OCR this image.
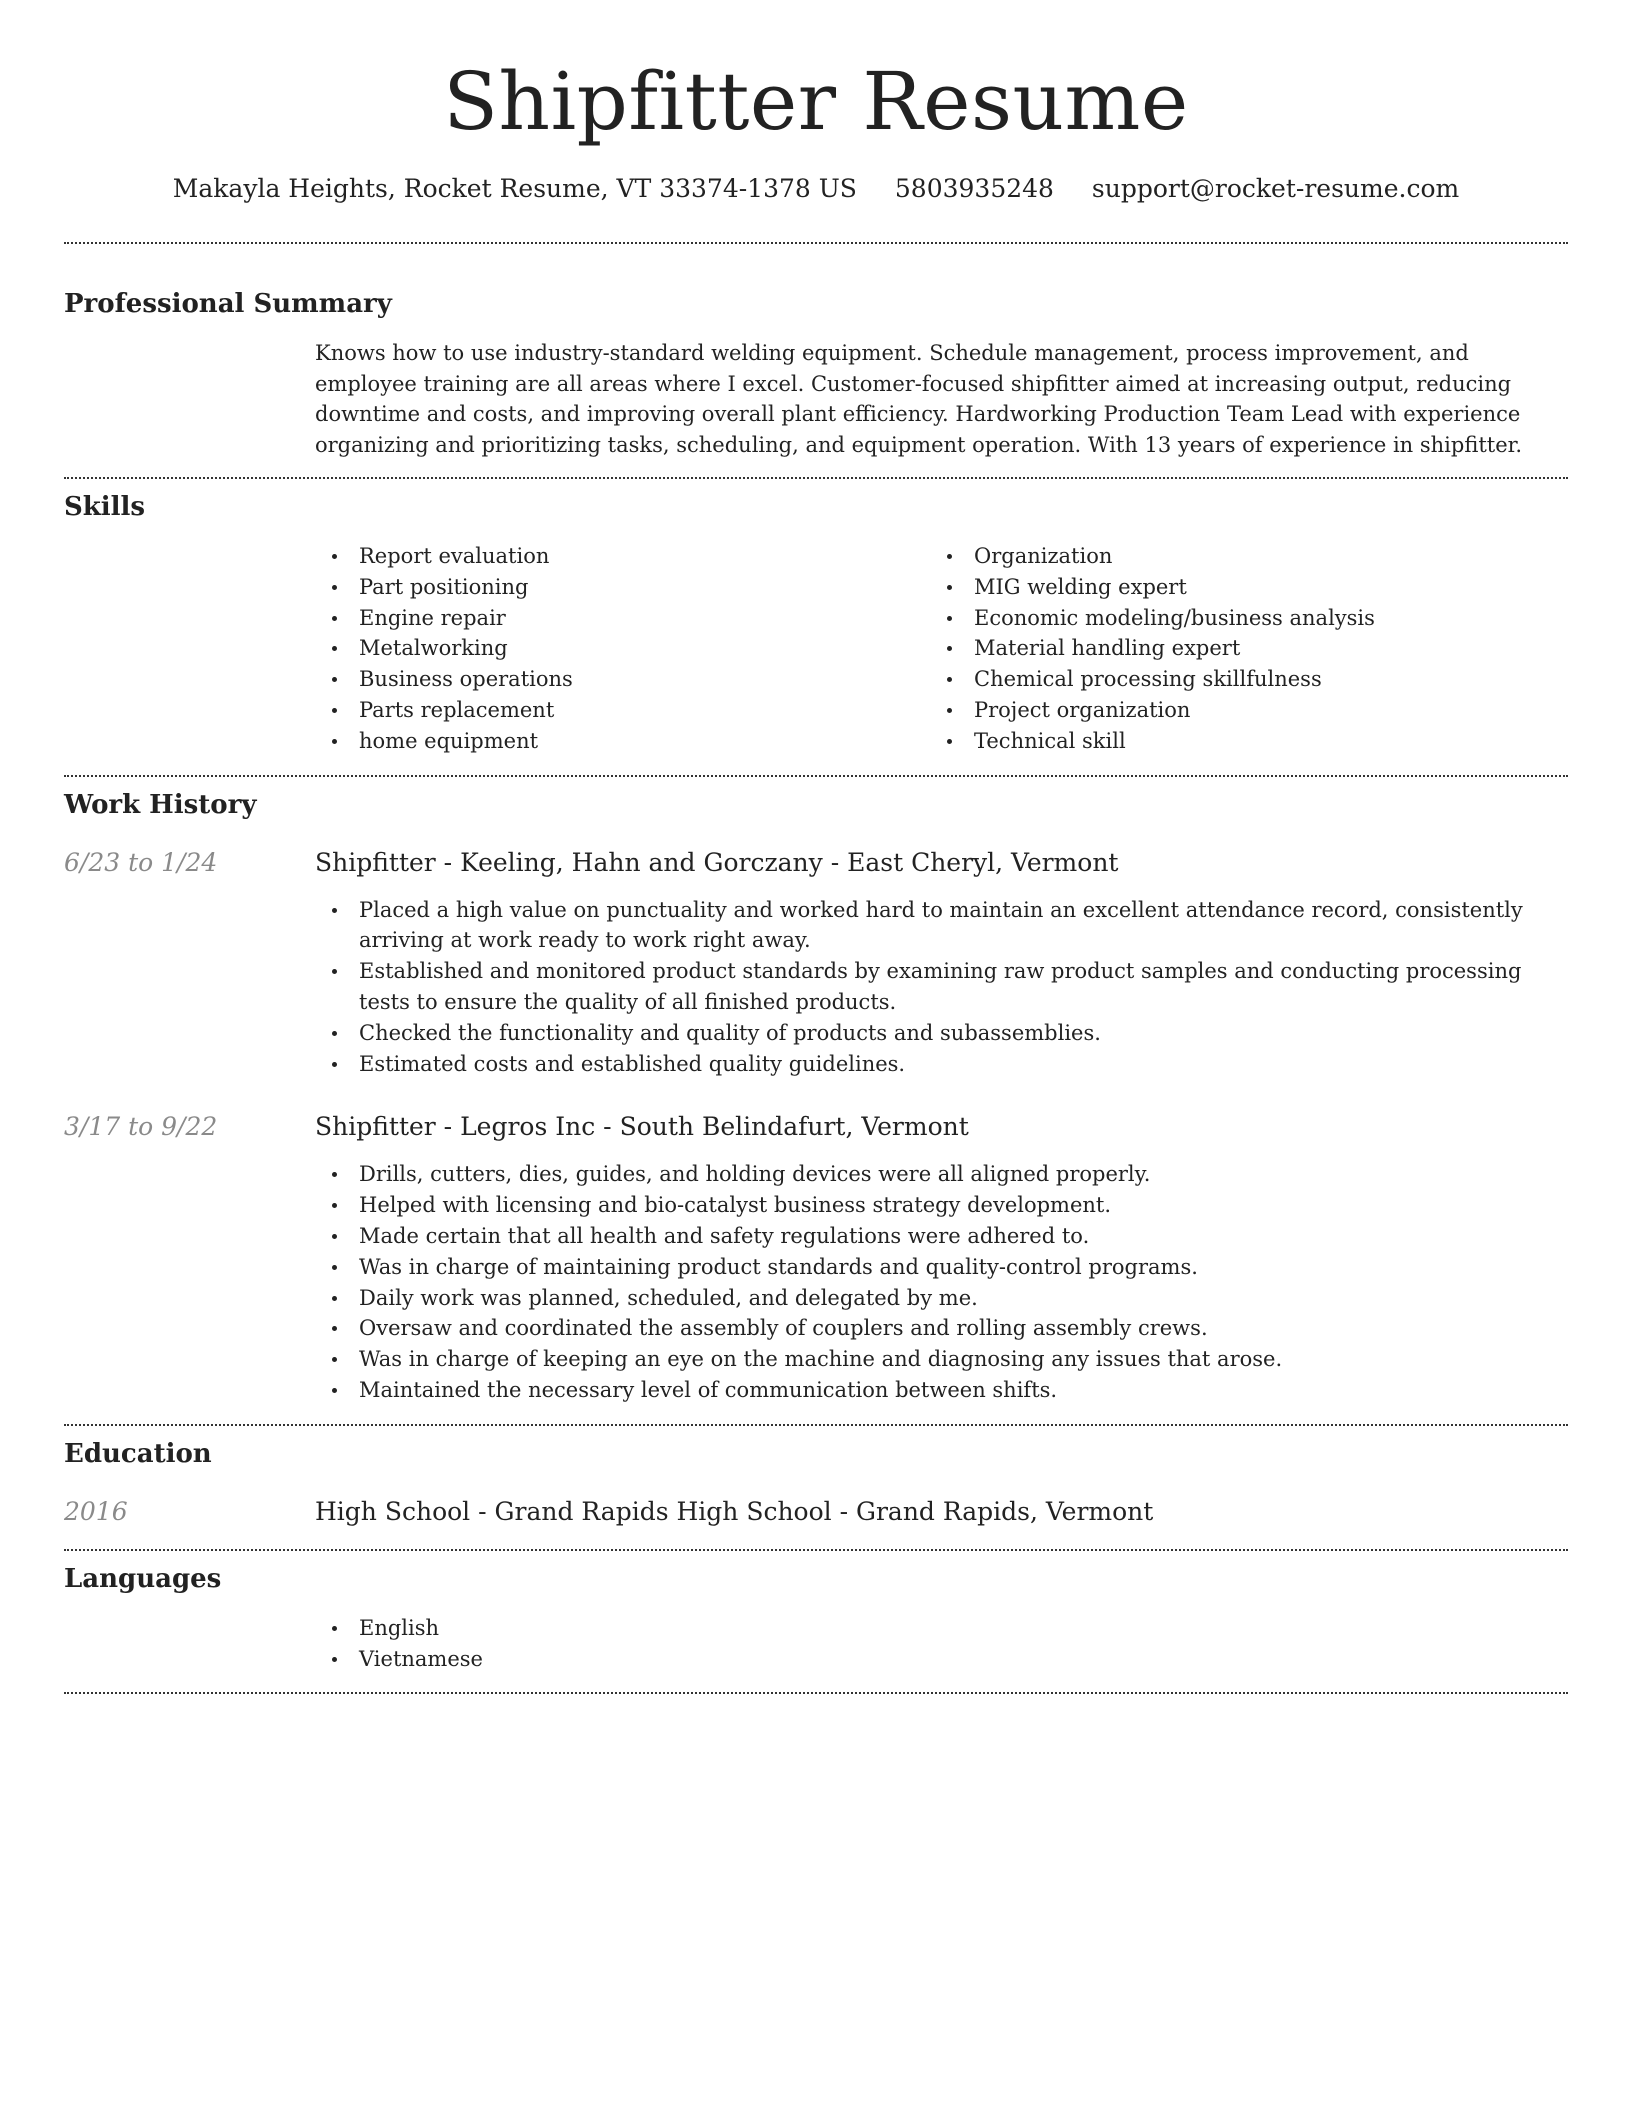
Shipfitter Resume
Makayla Heights, Rocket Resume, VT 33374-1378 US 5803935248 support@rocket-resume.com
Professional Summary

Knows how to use industry-standard welding equipment. Schedule management, process improvement, and employee training are all areas where I excel. Customer-focused shipfitter aimed at increasing output, reducing downtime and costs, and improving overall plant efficiency. Hardworking Production Team Lead with experience organizing and prioritizing tasks, scheduling, and equipment operation. With 13 years of experience in shipfitter.

Skills
Report evaluation
Part positioning
Engine repair
Metalworking
Business operations
Parts replacement
home equipment
Organization
MIG welding expert
Economic modeling/business analysis
Material handling expert
Chemical processing skillfulness
Project organization
Technical skill
Work History
6/23 to 1/24	Shipfitter - Keeling, Hahn and Gorczany - East Cheryl, Vermont
Placed a high value on punctuality and worked hard to maintain an excellent attendance record, consistently arriving at work ready to work right away.
Established and monitored product standards by examining raw product samples and conducting processing tests to ensure the quality of all finished products.
Checked the functionality and quality of products and subassemblies.
Estimated costs and established quality guidelines.
3/17 to 9/22	Shipfitter - Legros Inc - South Belindafurt, Vermont
Drills, cutters, dies, guides, and holding devices were all aligned properly.
Helped with licensing and bio-catalyst business strategy development.
Made certain that all health and safety regulations were adhered to.
Was in charge of maintaining product standards and quality-control programs.
Daily work was planned, scheduled, and delegated by me.
Oversaw and coordinated the assembly of couplers and rolling assembly crews.
Was in charge of keeping an eye on the machine and diagnosing any issues that arose.
Maintained the necessary level of communication between shifts.
Education
2016	High School - Grand Rapids High School - Grand Rapids, Vermont
Languages
English
Vietnamese
